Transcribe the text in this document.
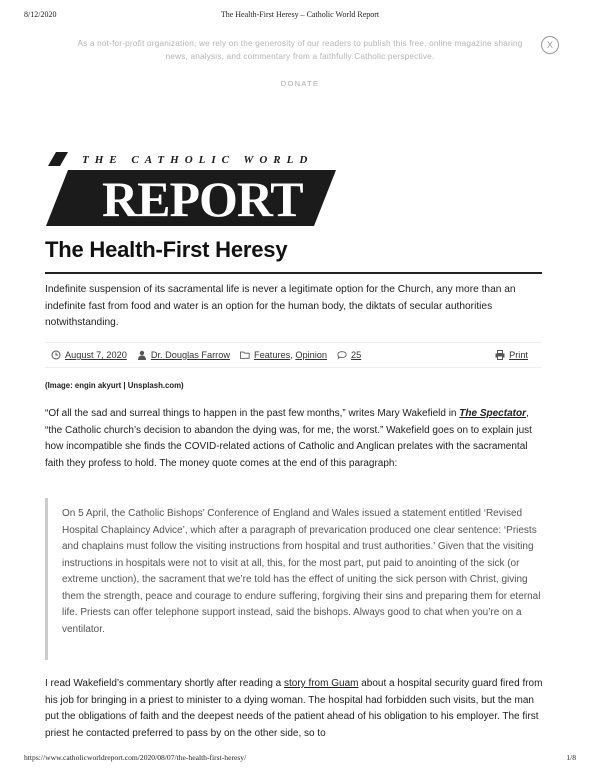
8/12/2020	The Health-First Heresy – Catholic World Report
As a not-for-profit organization, we rely on the generosity of our readers to publish this free, online magazine sharing news, analysis, and commentary from a faithfully Catholic perspective.
X
DONATE
THE CATHOLIC WORLD
REPORT
The Health-First Heresy

Indefinite suspension of its sacramental life is never a legitimate option for the Church, any more than an indefinite fast from food and water is an option for the human body, the diktats of secular authorities notwithstanding.

August 7, 2020	Dr. Douglas Farrow	Features ,
Opinion	25	Print
(Image: engin akyurt | Unsplash.com)

“Of all the sad and surreal things to happen in the past few months,” writes Mary Wakefield in The Spectator, “the Catholic church’s decision to abandon the dying was, for me, the worst.” Wakefield goes on to explain just how incompatible she finds the COVID-related actions of Catholic and Anglican prelates with the sacramental faith they profess to hold. The money quote comes at the end of this paragraph:

On 5 April, the Catholic Bishops’ Conference of England and Wales issued a statement entitled ‘Revised Hospital Chaplaincy Advice’, which after a paragraph of prevarication produced one clear sentence: ‘Priests and chaplains must follow the visiting instructions from hospital and trust authorities.’ Given that the visiting instructions in hospitals were not to visit at all, this, for the most part, put paid to anointing of the sick (or extreme unction), the sacrament that we’re told has the effect of uniting the sick person with Christ, giving them the strength, peace and courage to endure suffering, forgiving their sins and preparing them for eternal life. Priests can offer telephone support instead, said the bishops. Always good to chat when you’re on a ventilator.

I read Wakefield’s commentary shortly after reading a story from Guam about a hospital security guard fired from his job for bringing in a priest to minister to a dying woman. The hospital had forbidden such visits, but the man put the obligations of faith and the deepest needs of the patient ahead of his obligation to his employer. The first priest he contacted preferred to pass by on the other side, so to

https://www.catholicworldreport.com/2020/08/07/the-health-first-heresy/	1/8
